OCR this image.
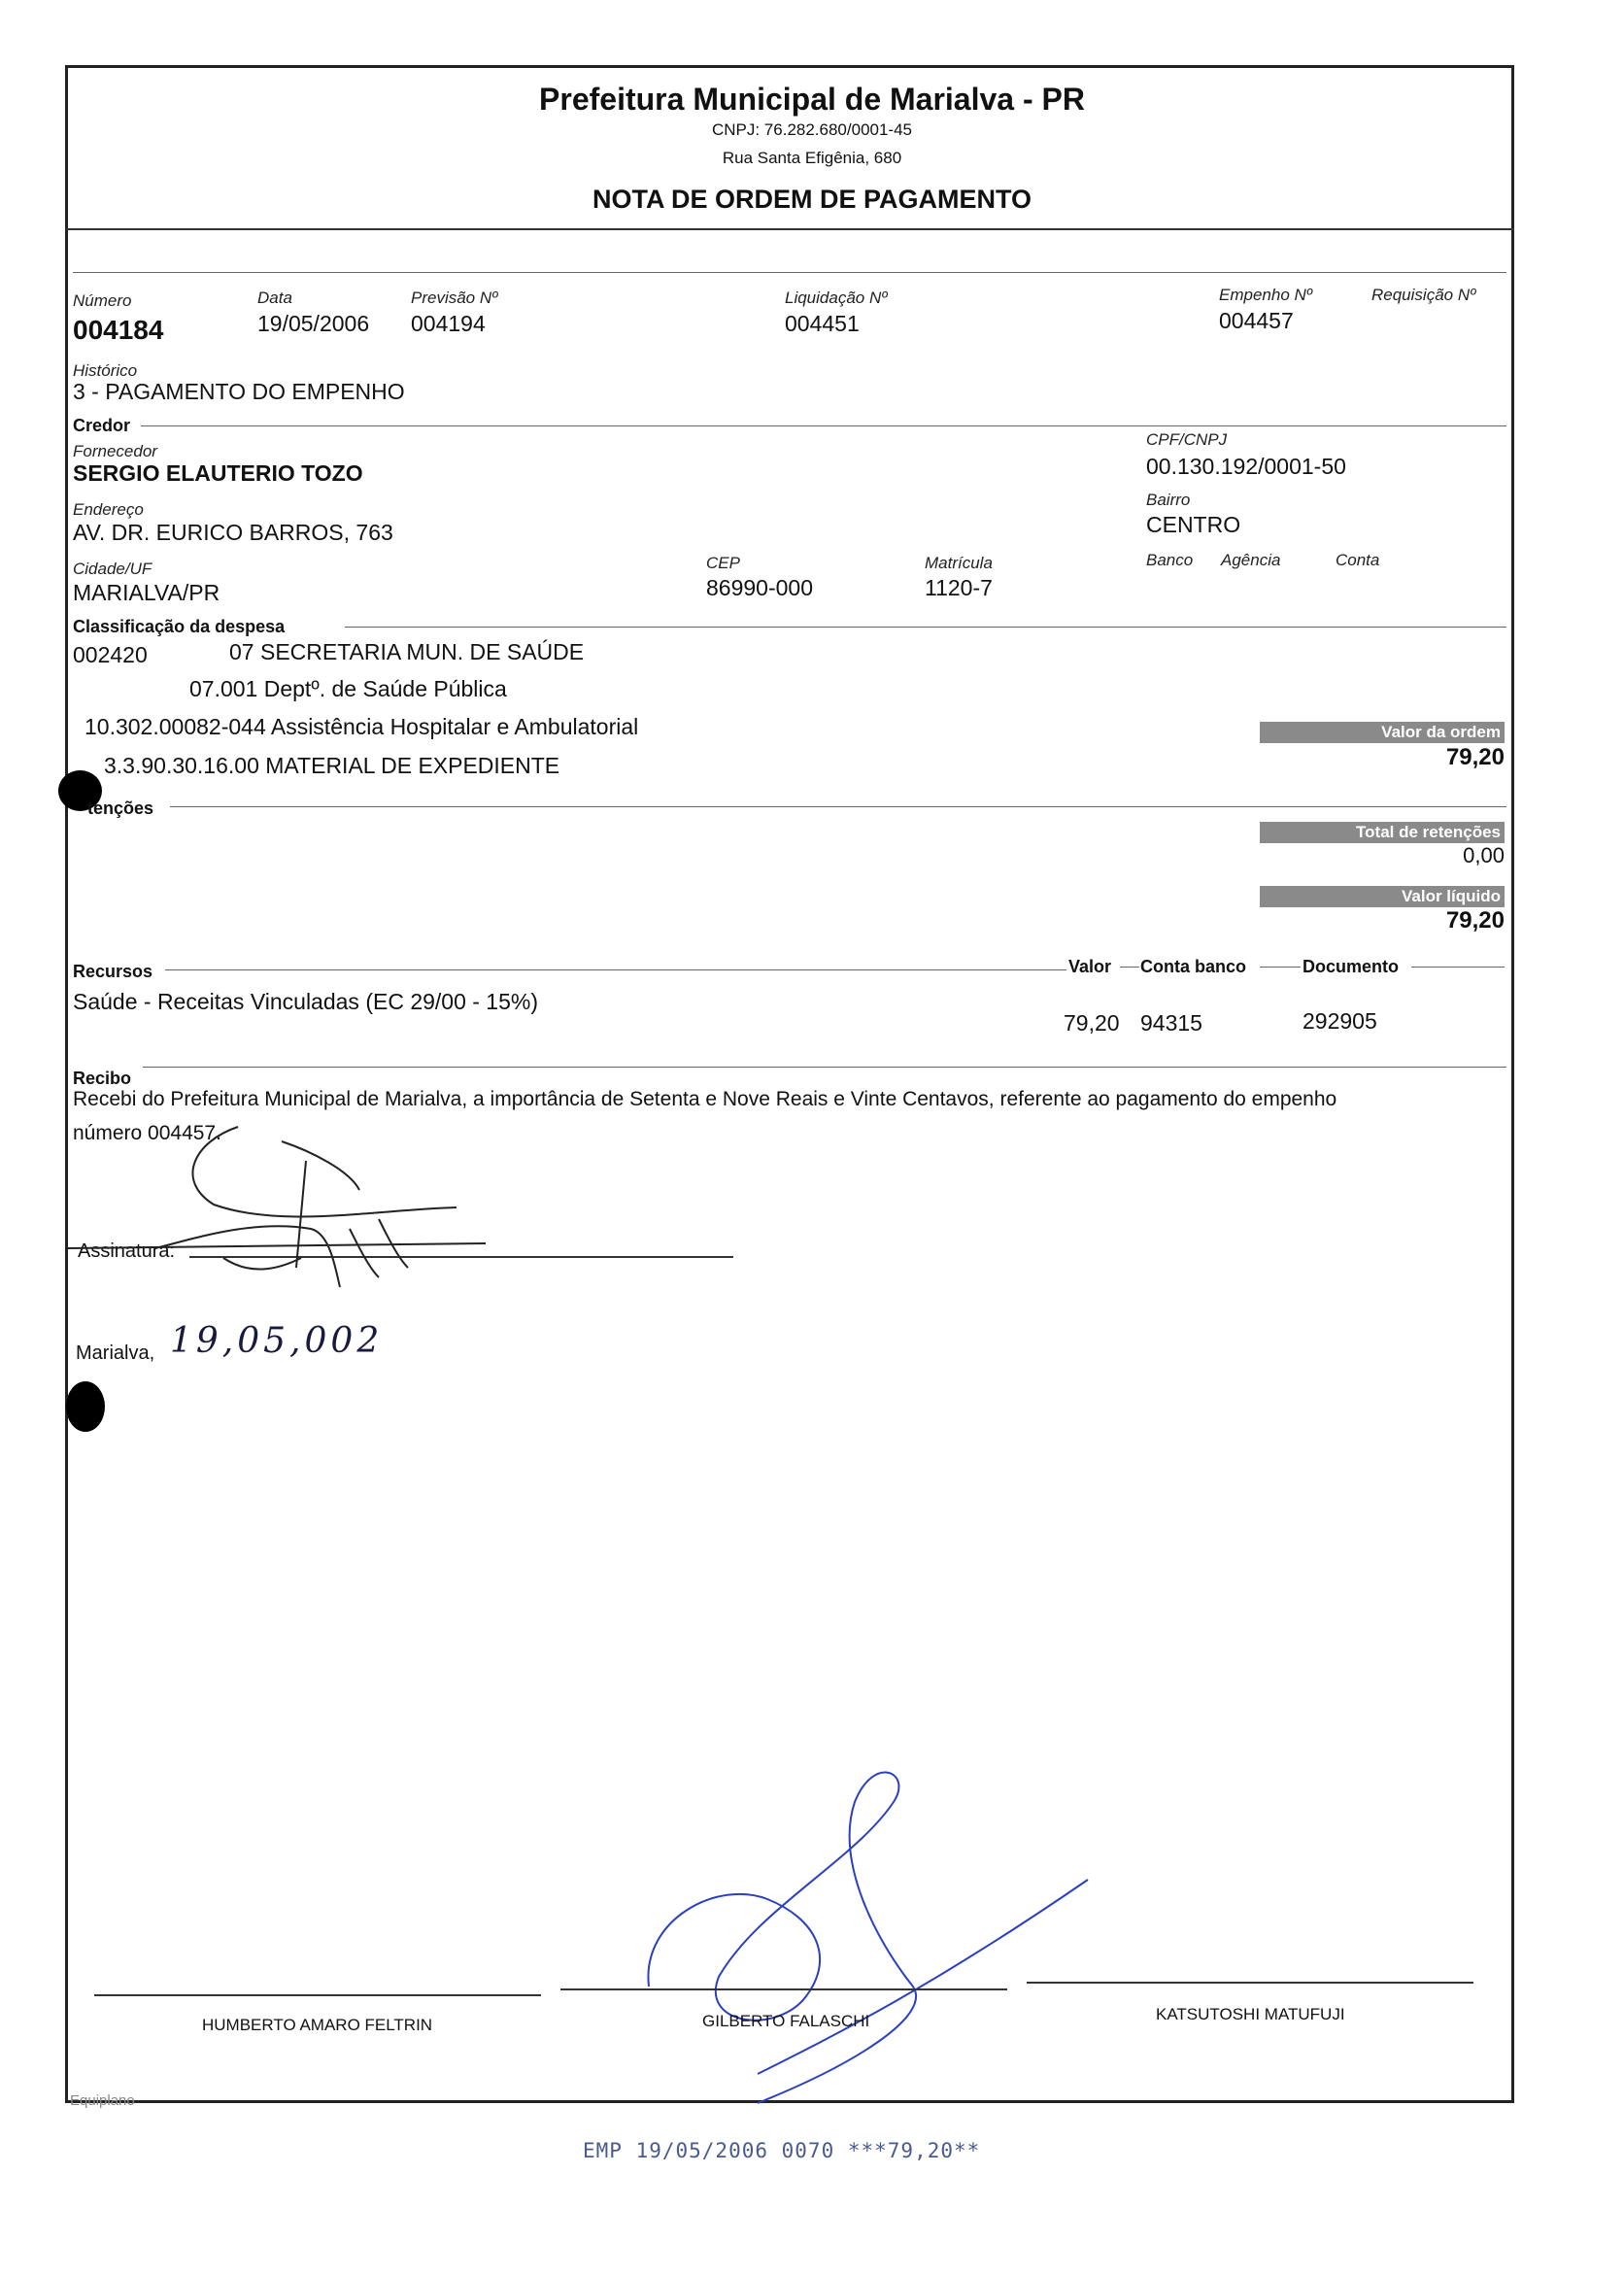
Prefeitura Municipal de Marialva - PR
CNPJ: 76.282.680/0001-45
Rua Santa Efigênia, 680
NOTA DE ORDEM DE PAGAMENTO
Número
004184
Data
19/05/2006
Previsão Nº
004194
Liquidação Nº
004451
Empenho Nº
004457
Requisição Nº
Histórico
3 - PAGAMENTO DO EMPENHO
Credor
Fornecedor
SERGIO ELAUTERIO TOZO
CPF/CNPJ
00.130.192/0001-50
Endereço
AV. DR. EURICO BARROS, 763
Bairro
CENTRO
Cidade/UF
MARIALVA/PR
CEP
86990-000
Matrícula
1120-7
Banco Agência	Conta
Classificação da despesa
002420	07 SECRETARIA MUN. DE SAÚDE
07.001 Deptº. de Saúde Pública
10.302.00082-044 Assistência Hospitalar e Ambulatorial
3.3.90.30.16.00 MATERIAL DE EXPEDIENTE
Valor da ordem
79,20
tenções
Total de retenções
0,00
Valor líquido
79,20
Recursos	Valor Conta banco	Documento
Saúde - Receitas Vinculadas (EC 29/00 - 15%)
79,20 94315	292905
Recibo
Recebi do Prefeitura Municipal de Marialva, a importância de Setenta e Nove Reais e Vinte Centavos, referente ao pagamento do empenho
número 004457.
Assinatura:
Marialva, 19,05,002
HUMBERTO AMARO FELTRIN	GILBERTO FALASCHI	KATSUTOSHI MATUFUJI
Equiplano
EMP 19/05/2006 0070 ***79,20**
